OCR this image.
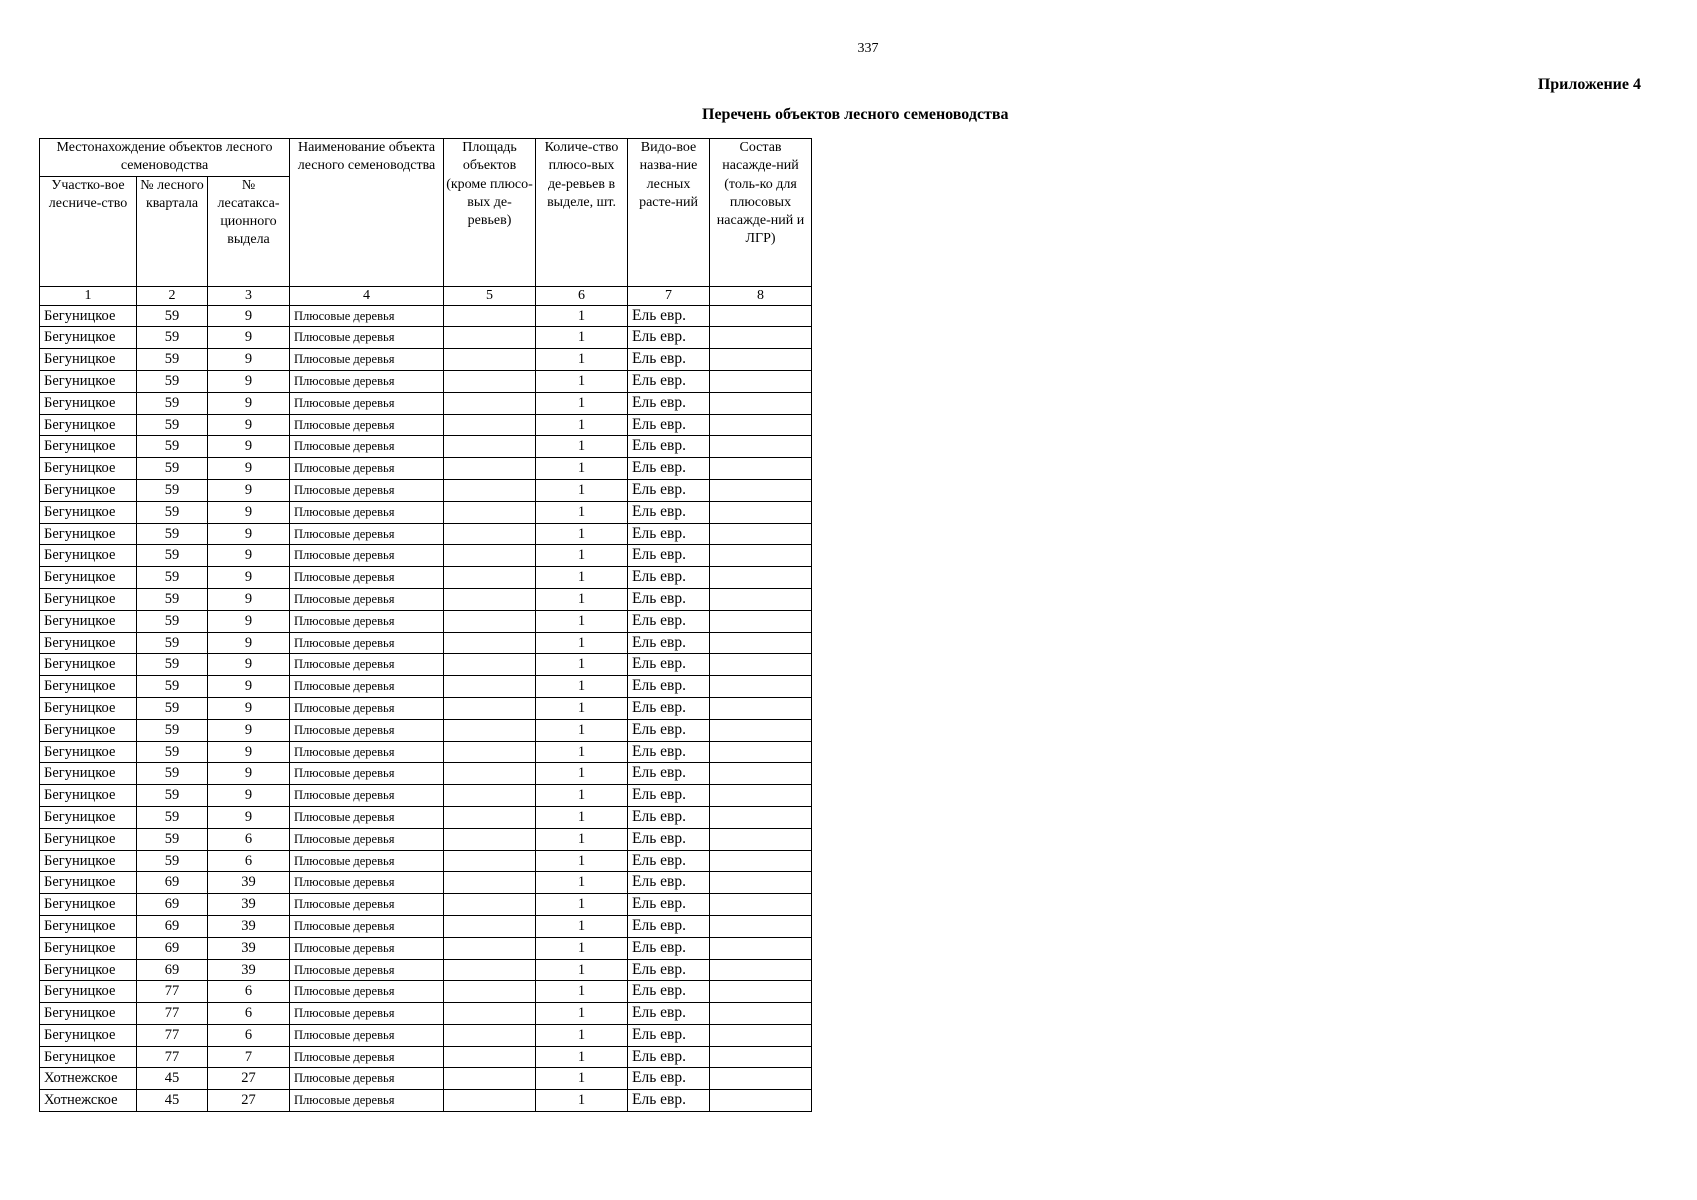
337
Приложение 4
Перечень объектов лесного семеноводства
Местонахождение объектов лесного семеноводства			Наименование объекта лесного семеноводства	Площадь объектов (кроме плюсо-вых де-ревьев)	Количе-ство плюсо-вых де-ревьев в выделе, шт.	Видо-вое назва-ние лесных расте-ний	Состав насажде-ний (толь-ко для плюсовых насажде-ний и ЛГР)
Участко-вое лесниче-ство	№ лесного квартала	№ лесатакса-ционного выдела					
1	2	3	4	5	6	7	8
Бегуницкое	59	9	Плюсовые деревья		1	Ель евр.	
Бегуницкое	59	9	Плюсовые деревья		1	Ель евр.	
Бегуницкое	59	9	Плюсовые деревья		1	Ель евр.	
Бегуницкое	59	9	Плюсовые деревья		1	Ель евр.	
Бегуницкое	59	9	Плюсовые деревья		1	Ель евр.	
Бегуницкое	59	9	Плюсовые деревья		1	Ель евр.	
Бегуницкое	59	9	Плюсовые деревья		1	Ель евр.	
Бегуницкое	59	9	Плюсовые деревья		1	Ель евр.	
Бегуницкое	59	9	Плюсовые деревья		1	Ель евр.	
Бегуницкое	59	9	Плюсовые деревья		1	Ель евр.	
Бегуницкое	59	9	Плюсовые деревья		1	Ель евр.	
Бегуницкое	59	9	Плюсовые деревья		1	Ель евр.	
Бегуницкое	59	9	Плюсовые деревья		1	Ель евр.	
Бегуницкое	59	9	Плюсовые деревья		1	Ель евр.	
Бегуницкое	59	9	Плюсовые деревья		1	Ель евр.	
Бегуницкое	59	9	Плюсовые деревья		1	Ель евр.	
Бегуницкое	59	9	Плюсовые деревья		1	Ель евр.	
Бегуницкое	59	9	Плюсовые деревья		1	Ель евр.	
Бегуницкое	59	9	Плюсовые деревья		1	Ель евр.	
Бегуницкое	59	9	Плюсовые деревья		1	Ель евр.	
Бегуницкое	59	9	Плюсовые деревья		1	Ель евр.	
Бегуницкое	59	9	Плюсовые деревья		1	Ель евр.	
Бегуницкое	59	9	Плюсовые деревья		1	Ель евр.	
Бегуницкое	59	9	Плюсовые деревья		1	Ель евр.	
Бегуницкое	59	6	Плюсовые деревья		1	Ель евр.	
Бегуницкое	59	6	Плюсовые деревья		1	Ель евр.	
Бегуницкое	69	39	Плюсовые деревья		1	Ель евр.	
Бегуницкое	69	39	Плюсовые деревья		1	Ель евр.	
Бегуницкое	69	39	Плюсовые деревья		1	Ель евр.	
Бегуницкое	69	39	Плюсовые деревья		1	Ель евр.	
Бегуницкое	69	39	Плюсовые деревья		1	Ель евр.	
Бегуницкое	77	6	Плюсовые деревья		1	Ель евр.	
Бегуницкое	77	6	Плюсовые деревья		1	Ель евр.	
Бегуницкое	77	6	Плюсовые деревья		1	Ель евр.	
Бегуницкое	77	7	Плюсовые деревья		1	Ель евр.	
Хотнежское	45	27	Плюсовые деревья		1	Ель евр.	
Хотнежское	45	27	Плюсовые деревья		1	Ель евр.	
